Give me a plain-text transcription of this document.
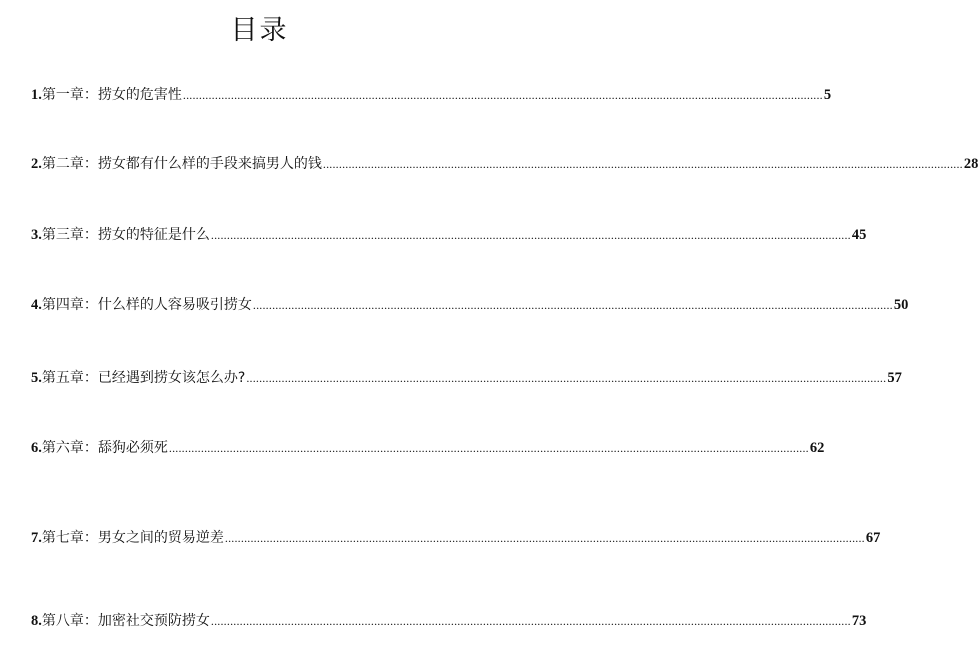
目录
1. 第一章： 捞女的危害性 ........................................................................................................................................................................................................ 5
2. 第二章： 捞女都有什么样的手段来搞男人的钱 ........................................................................................................................................................................................................ 28
3. 第三章： 捞女的特征是什么 ........................................................................................................................................................................................................ 45
4. 第四章： 什么样的人容易吸引捞女 ........................................................................................................................................................................................................ 50
5. 第五章： 已经遇到捞女该怎么办? ........................................................................................................................................................................................................ 57
6. 第六章： 舔狗必须死 ........................................................................................................................................................................................................ 62
7. 第七章： 男女之间的贸易逆差 ........................................................................................................................................................................................................ 67
8. 第八章： 加密社交预防捞女 ........................................................................................................................................................................................................ 73
